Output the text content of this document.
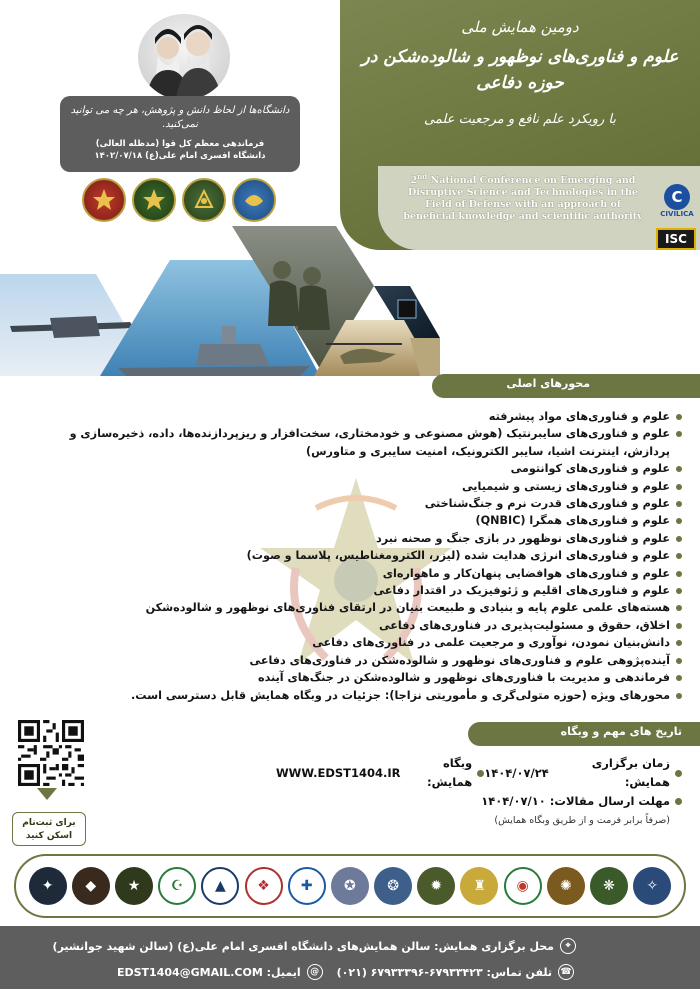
دومین همایش ملی
علوم و فناوری‌های نوظهور و شالوده‌شکن در حوزه دفاعی
با رویکرد علم نافع و مرجعیت علمی
2nd National Conference on Emerging and Disruptive Science and Technologies in the Field of Defense with an approach of beneficial knowledge and scientific authority
دانشگاه‌ها از لحاظ دانش و پژوهش، هر چه می توانید نمی‌کنید.
فرماندهی معظم کل قوا (مدظله العالی)
دانشگاه افسری امام علی(ع) ۱۴۰۲/۰۷/۱۸
C
CIVILICA
ISC
محورهای اصلی
علوم و فناوری‌های مواد پیشرفته
علوم و فناوری‌های سایبرنتیک (هوش مصنوعی و خودمختاری، سخت‌افزار و ریزپردازنده‌ها، داده، ذخیره‌سازی و پردازش، اینترنت اشیا، سایبر الکترونیک، امنیت سایبری و متاورس)
علوم و فناوری‌های کوانتومی
علوم و فناوری‌های زیستی و شیمیایی
علوم و فناوری‌های قدرت نرم و جنگ‌شناختی
علوم و فناوری‌های همگرا (QNBIC)
علوم و فناوری‌های نوظهور در بازی جنگ و صحنه نبرد
علوم و فناوری‌های انرژی هدایت شده (لیزر، الکترومغناطیس، پلاسما و صوت)
علوم و فناوری‌های هوافضایی پنهان‌کار و ماهواره‌ای
علوم و فناوری‌های اقلیم و ژئوفیزیک در اقتدار دفاعی
هسته‌های علمی علوم پایه و بنیادی و طبیعت بنیان در ارتقای فناوری‌های نوظهور و شالوده‌شکن
اخلاق، حقوق و مسئولیت‌پذیری در فناوری‌های دفاعی
دانش‌بنیان نمودن، نوآوری و مرجعیت علمی در فناوری‌های دفاعی
آینده‌پژوهی علوم و فناوری‌های نوظهور و شالوده‌شکن در فناوری‌های دفاعی
فرماندهی و مدیریت با فناوری‌های نوظهور و شالوده‌شکن در جنگ‌های آینده
محورهای ویژه (حوزه متولی‌گری و مأموریتی نزاجا): جزئیات در وبگاه همایش قابل دسترسی است.
برای ثبت‌نام اسکن کنید
تاریخ های مهم و وبگاه
زمان برگزاری همایش:

۱۴۰۴/۰۷/۲۴
وبگاه همایش:

WWW.EDST1404.IR
مهلت ارسال مقالات:

۱۴۰۴/۰۷/۱۰
(صرفاً برابر فرمت و از طریق وبگاه همایش)
✦	◆	★	☪	▲	❖	✚	✪	❂	✹	♜	◉	✺	❋	✧
⌖
محل برگزاری همایش: سالن همایش‌های دانشگاه افسری امام علی(ع) (سالن شهید جوانشیر)
☎
تلفن تماس: ۶۷۹۳۳۴۲۳-۶۷۹۳۳۳۹۶ (۰۲۱)
@
ایمیل:

EDST1404@GMAIL.COM
